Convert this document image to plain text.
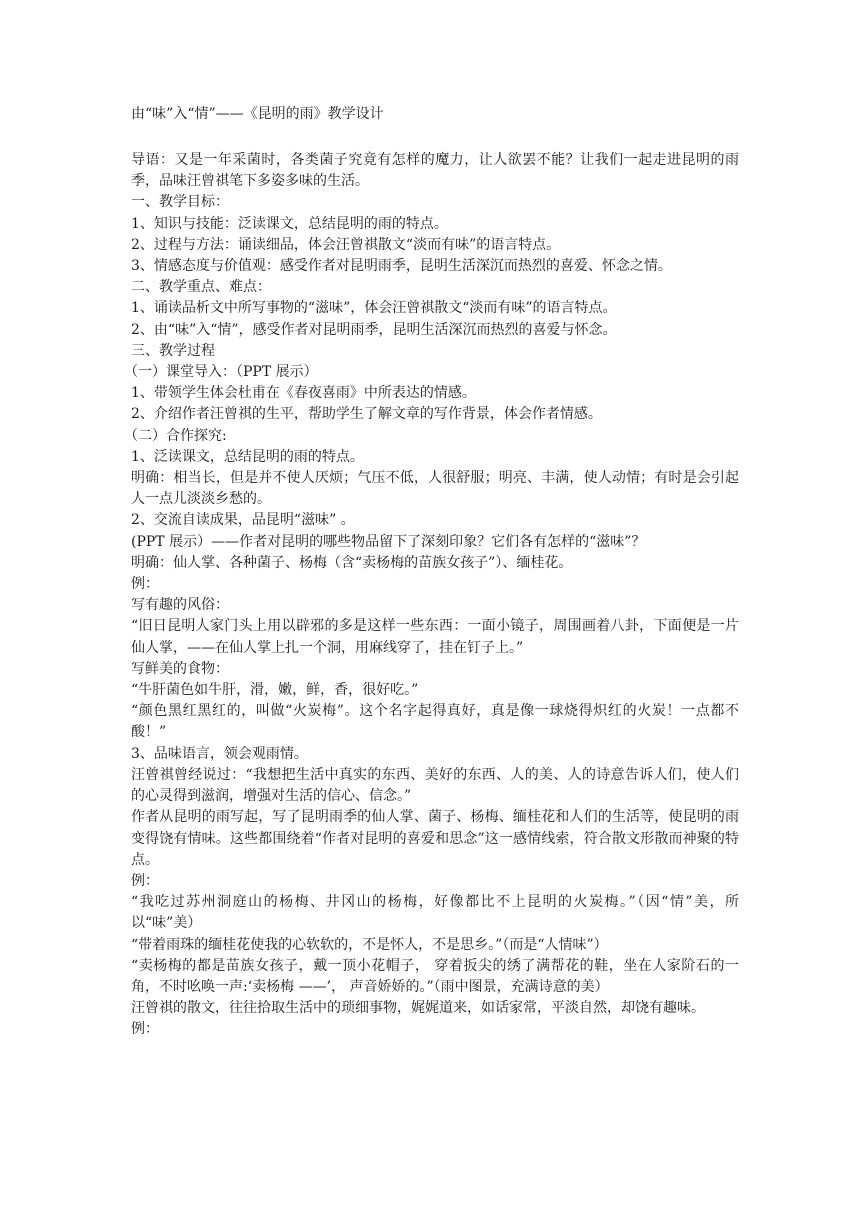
由“味”入“情”——《昆明的雨》教学设计

导语：又是一年采菌时，各类菌子究竟有怎样的魔力，让人欲罢不能？让我们一起走进昆明的雨季，品味汪曾祺笔下多姿多味的生活。

一、教学目标：

1、知识与技能：泛读课文，总结昆明的雨的特点。

2、过程与方法：诵读细品，体会汪曾祺散文“淡而有味”的语言特点。

3、情感态度与价值观：感受作者对昆明雨季，昆明生活深沉而热烈的喜爱、怀念之情。

二、教学重点、难点：

1、诵读品析文中所写事物的“滋味”，体会汪曾祺散文“淡而有味”的语言特点。

2、由“味”入“情”，感受作者对昆明雨季，昆明生活深沉而热烈的喜爱与怀念。

三、教学过程

（一）课堂导入：（PPT 展示）

1、带领学生体会杜甫在《春夜喜雨》中所表达的情感。

2、介绍作者汪曾祺的生平，帮助学生了解文章的写作背景，体会作者情感。

（二）合作探究:

1、泛读课文，总结昆明的雨的特点。

明确：相当长，但是并不使人厌烦；气压不低，人很舒服；明亮、丰满，使人动情；有时是会引起人一点儿淡淡乡愁的。

2、交流自读成果，品昆明“滋味” 。

(PPT 展示）——作者对昆明的哪些物品留下了深刻印象？它们各有怎样的“滋味”？

明确：仙人掌、各种菌子、杨梅（含“卖杨梅的苗族女孩子”）、缅桂花。

例：

写有趣的风俗：

“旧日昆明人家门头上用以辟邪的多是这样一些东西：一面小镜子，周围画着八卦，下面便是一片仙人掌，——在仙人掌上扎一个洞，用麻线穿了，挂在钉子上。”

写鲜美的食物：

“牛肝菌色如牛肝，滑，嫩，鲜，香，很好吃。”

“颜色黑红黑红的，叫做“火炭梅”。这个名字起得真好，真是像一球烧得炽红的火炭！一点都不酸！”

3、品味语言，领会观雨情。

汪曾祺曾经说过：“我想把生活中真实的东西、美好的东西、人的美、人的诗意告诉人们，使人们的心灵得到滋润，增强对生活的信心、信念。”

作者从昆明的雨写起，写了昆明雨季的仙人掌、菌子、杨梅、缅桂花和人们的生活等，使昆明的雨变得饶有情味。这些都围绕着“作者对昆明的喜爱和思念”这一感情线索，符合散文形散而神聚的特点。

例：

“我吃过苏州洞庭山的杨梅、井冈山的杨梅，好像都比不上昆明的火炭梅。”（因“情”美，所以“味”美）

“带着雨珠的缅桂花使我的心软软的，不是怀人，不是思乡。”（而是“人情味”）

“卖杨梅的都是苗族女孩子，戴一顶小花帽子， 穿着扳尖的绣了满帮花的鞋，坐在人家阶石的一角，不时吆唤一声:‘卖杨梅 ——’， 声音娇娇的。”（雨中图景，充满诗意的美）

汪曾祺的散文，往往拾取生活中的琐细事物，娓娓道来，如话家常，平淡自然，却饶有趣味。

例：
